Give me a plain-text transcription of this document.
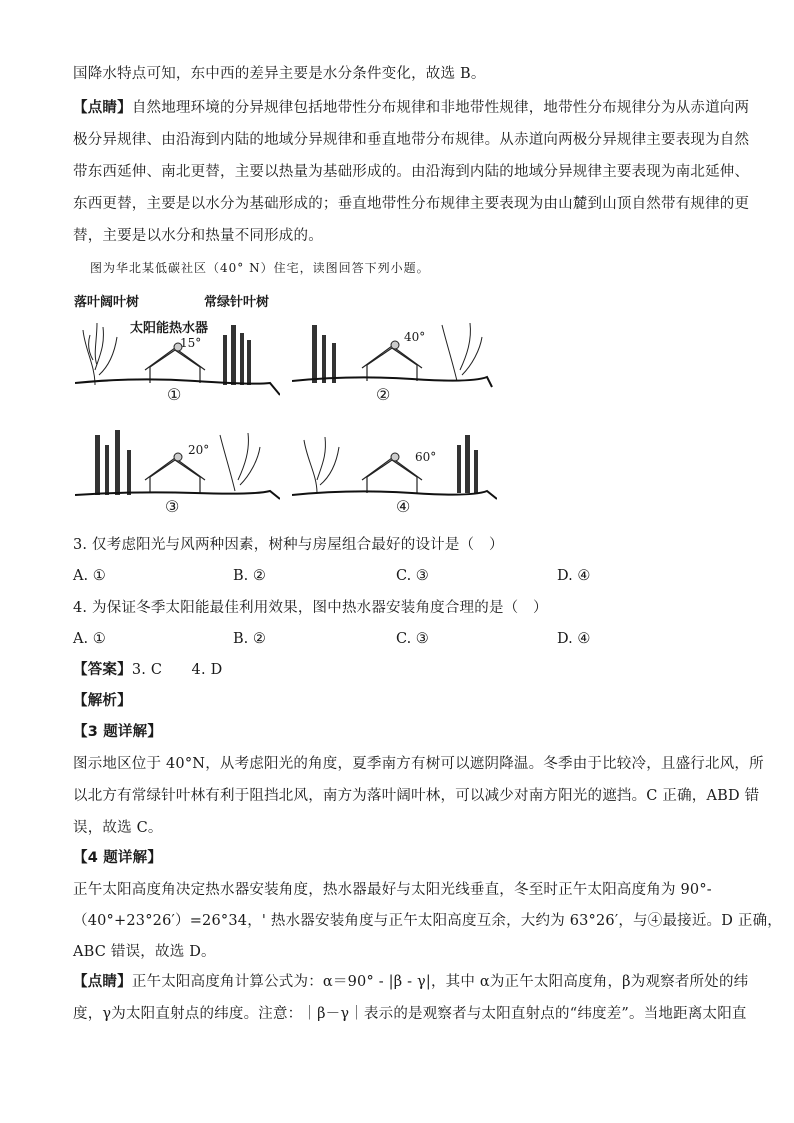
国降水特点可知，东中西的差异主要是水分条件变化，故选 B。
【点睛】自然地理环境的分异规律包括地带性分布规律和非地带性规律，地带性分布规律分为从赤道向两
极分异规律、由沿海到内陆的地域分异规律和垂直地带分布规律。从赤道向两极分异规律主要表现为自然
带东西延伸、南北更替，主要以热量为基础形成的。由沿海到内陆的地域分异规律主要表现为南北延伸、
东西更替，主要是以水分为基础形成的；垂直地带性分布规律主要表现为由山麓到山顶自然带有规律的更
替，主要是以水分和热量不同形成的。
图为华北某低碳社区（40° N）住宅，读图回答下列小题。
落叶阔叶树	常绿针叶树
太阳能热水器
15°
①
40°
②
20°
③
60°
④
3. 仅考虑阳光与风两种因素，树种与房屋组合最好的设计是（　）
A. ①	B. ②	C. ③	D. ④
4. 为保证冬季太阳能最佳利用效果，图中热水器安装角度合理的是（　）
A. ①	B. ②	C. ③	D. ④
【答案】3. C　　4. D
【解析】
【3 题详解】
图示地区位于 40°N，从考虑阳光的角度，夏季南方有树可以遮阴降温。冬季由于比较冷，且盛行北风，所
以北方有常绿针叶林有利于阻挡北风，南方为落叶阔叶林，可以减少对南方阳光的遮挡。C 正确，ABD 错
误，故选 C。
【4 题详解】
正午太阳高度角决定热水器安装角度，热水器最好与太阳光线垂直，冬至时正午太阳高度角为 90°-
（40°+23°26′）=26°34，' 热水器安装角度与正午太阳高度互余，大约为 63°26′，与④最接近。D 正确，
ABC 错误，故选 D。
【点睛】正午太阳高度角计算公式为：α＝90° - |β - γ|，其中 α为正午太阳高度角，β为观察者所处的纬
度，γ为太阳直射点的纬度。注意：｜β－γ｜表示的是观察者与太阳直射点的“纬度差”。当地距离太阳直
